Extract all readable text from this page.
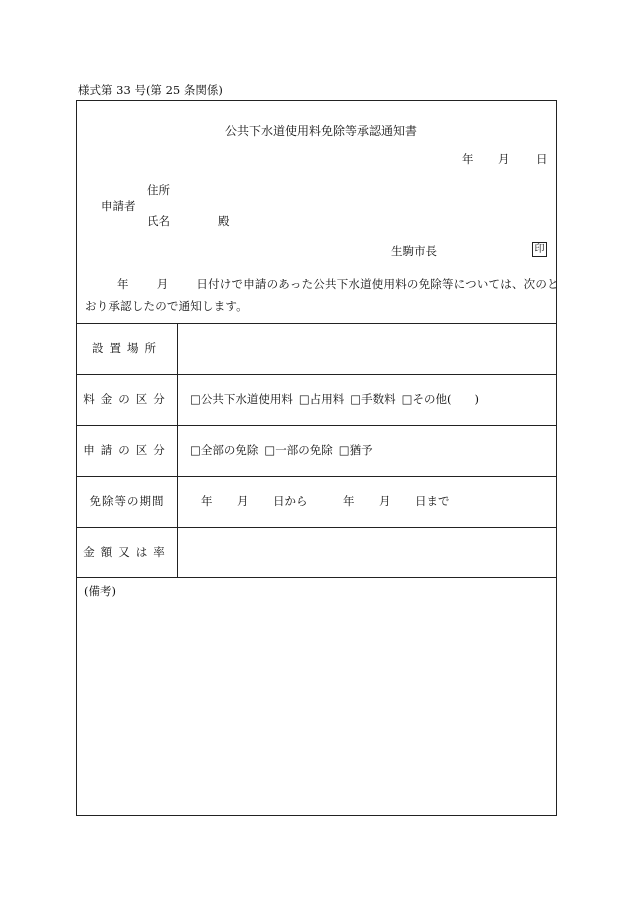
様式第 33 号(第 25 条関係)
公共下水道使用料免除等承認通知書
年 月 日
住所
申請者
氏名	殿
生駒市長	印
年 月 日付けで申請のあった公共下水道使用料の免除等については、次のと
おり承認したので通知します。
設置場所
料金の区分	□公共下水道使用料 □占用料 □手数料 □その他(　　)
申請の区分	□全部の免除 □一部の免除 □猶予
免除等の期間	年 月 日から	年 月 日まで
金額又は率
(備考)
